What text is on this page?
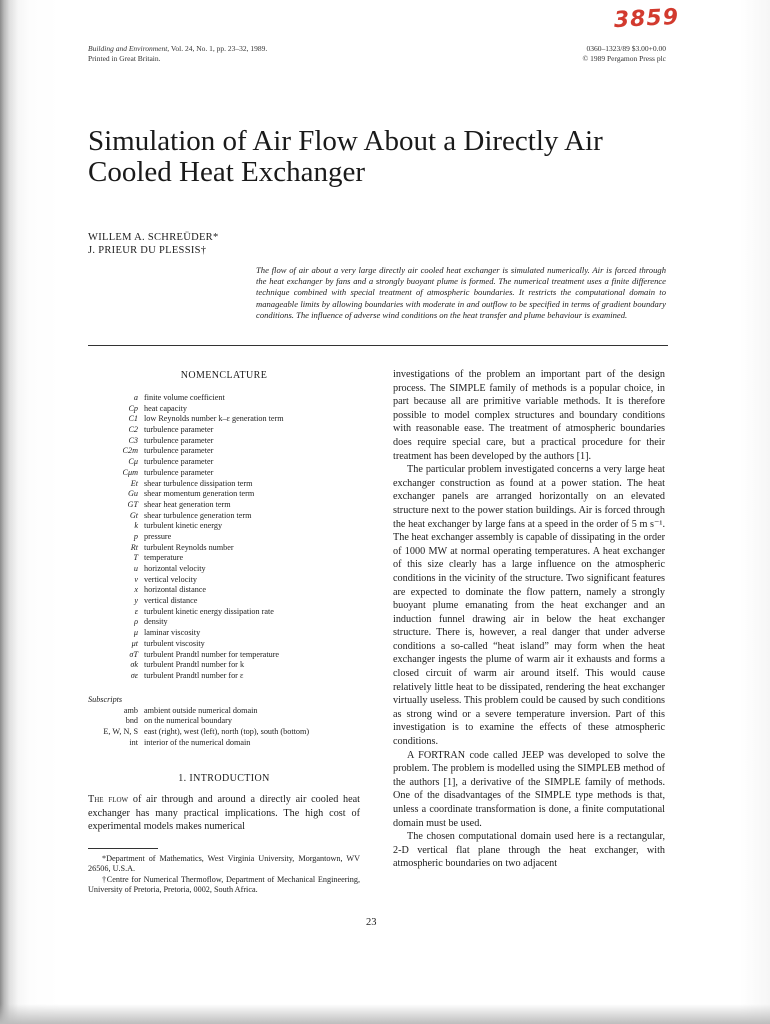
3859
Building and Environment, Vol. 24, No. 1, pp. 23–32, 1989.
Printed in Great Britain.
0360–1323/89 $3.00+0.00
© 1989 Pergamon Press plc
Simulation of Air Flow About a Directly Air Cooled Heat Exchanger
WILLEM A. SCHREÜDER*
J. PRIEUR DU PLESSIS†
The flow of air about a very large directly air cooled heat exchanger is simulated numerically. Air is forced through the heat exchanger by fans and a strongly buoyant plume is formed. The numerical treatment uses a finite difference technique combined with special treatment of atmospheric boundaries. It restricts the computational domain to manageable limits by allowing boundaries with moderate in and outflow to be specified in terms of gradient boundary conditions. The influence of adverse wind conditions on the heat transfer and plume behaviour is examined.

NOMENCLATURE

a finite volume coefficient
Cp heat capacity
C1 low Reynolds number k–ε generation term
C2 turbulence parameter
C3 turbulence parameter
C2m turbulence parameter
Cμ turbulence parameter
Cμm turbulence parameter
Et shear turbulence dissipation term
Gu shear momentum generation term
GT shear heat generation term
Gt shear turbulence generation term
k turbulent kinetic energy
p pressure
Rt turbulent Reynolds number
T temperature
u horizontal velocity
v vertical velocity
x horizontal distance
y vertical distance
ε turbulent kinetic energy dissipation rate
ρ density
μ laminar viscosity
μt turbulent viscosity
σT turbulent Prandtl number for temperature
σk turbulent Prandtl number for k
σε turbulent Prandtl number for ε
Subscripts
amb ambient outside numerical domain
bnd on the numerical boundary
E, W, N, S east (right), west (left), north (top), south (bottom)
int interior of the numerical domain

1. INTRODUCTION

The flow of air through and around a directly air cooled heat exchanger has many practical implications. The high cost of experimental models makes numerical

*Department of Mathematics, West Virginia University, Morgantown, WV 26506, U.S.A.

†Centre for Numerical Thermoflow, Department of Mechanical Engineering, University of Pretoria, Pretoria, 0002, South Africa.

investigations of the problem an important part of the design process. The SIMPLE family of methods is a popular choice, in part because all are primitive variable methods. It is therefore possible to model complex structures and boundary conditions with reasonable ease. The treatment of atmospheric boundaries does require special care, but a practical procedure for their treatment has been developed by the authors [1].

The particular problem investigated concerns a very large heat exchanger construction as found at a power station. The heat exchanger panels are arranged horizontally on an elevated structure next to the power station buildings. Air is forced through the heat exchanger by large fans at a speed in the order of 5 m s⁻¹. The heat exchanger assembly is capable of dissipating in the order of 1000 MW at normal operating temperatures. A heat exchanger of this size clearly has a large influence on the atmospheric conditions in the vicinity of the structure. Two significant features are expected to dominate the flow pattern, namely a strongly buoyant plume emanating from the heat exchanger and an induction funnel drawing air in below the heat exchanger structure. There is, however, a real danger that under adverse conditions a so-called “heat island” may form when the heat exchanger ingests the plume of warm air it exhausts and forms a closed circuit of warm air around itself. This would cause relatively little heat to be dissipated, rendering the heat exchanger virtually useless. This problem could be caused by such conditions as strong wind or a severe temperature inversion. Part of this investigation is to examine the effects of these atmospheric conditions.

A FORTRAN code called JEEP was developed to solve the problem. The problem is modelled using the SIMPLEB method of the authors [1], a derivative of the SIMPLE family of methods. One of the disadvantages of the SIMPLE type methods is that, unless a coordinate transformation is done, a finite computational domain must be used.

The chosen computational domain used here is a rectangular, 2-D vertical flat plane through the heat exchanger, with atmospheric boundaries on two adjacent

23
